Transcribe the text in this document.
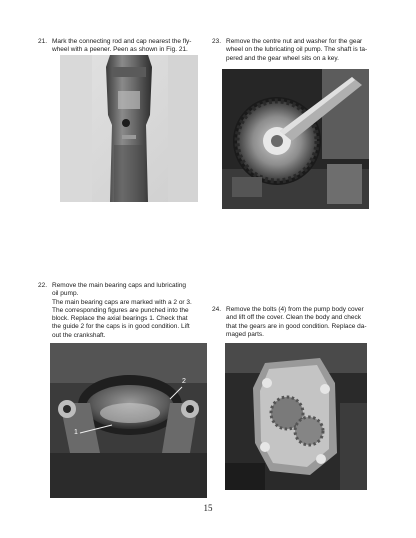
21. Mark the connecting rod and cap nearest the fly-
wheel with a peener. Peen as shown in Fig. 21.
23. Remove the centre nut and washer for the gear
wheel on the lubricating oil pump. The shaft is ta-
pered and the gear wheel sits on a key.
22. Remove the main bearing caps and lubricating
oil pump.
The main bearing caps are marked with a 2 or 3.
The corresponding figures are punched into the
block. Replace the axial bearings 1. Check that
the guide 2 for the caps is in good condition. Lift
out the crankshaft.
24. Remove the bolts (4) from the pump body cover
and lift off the cover. Clean the body and check
that the gears are in good condition. Replace da-
maged parts.
2
1
15
